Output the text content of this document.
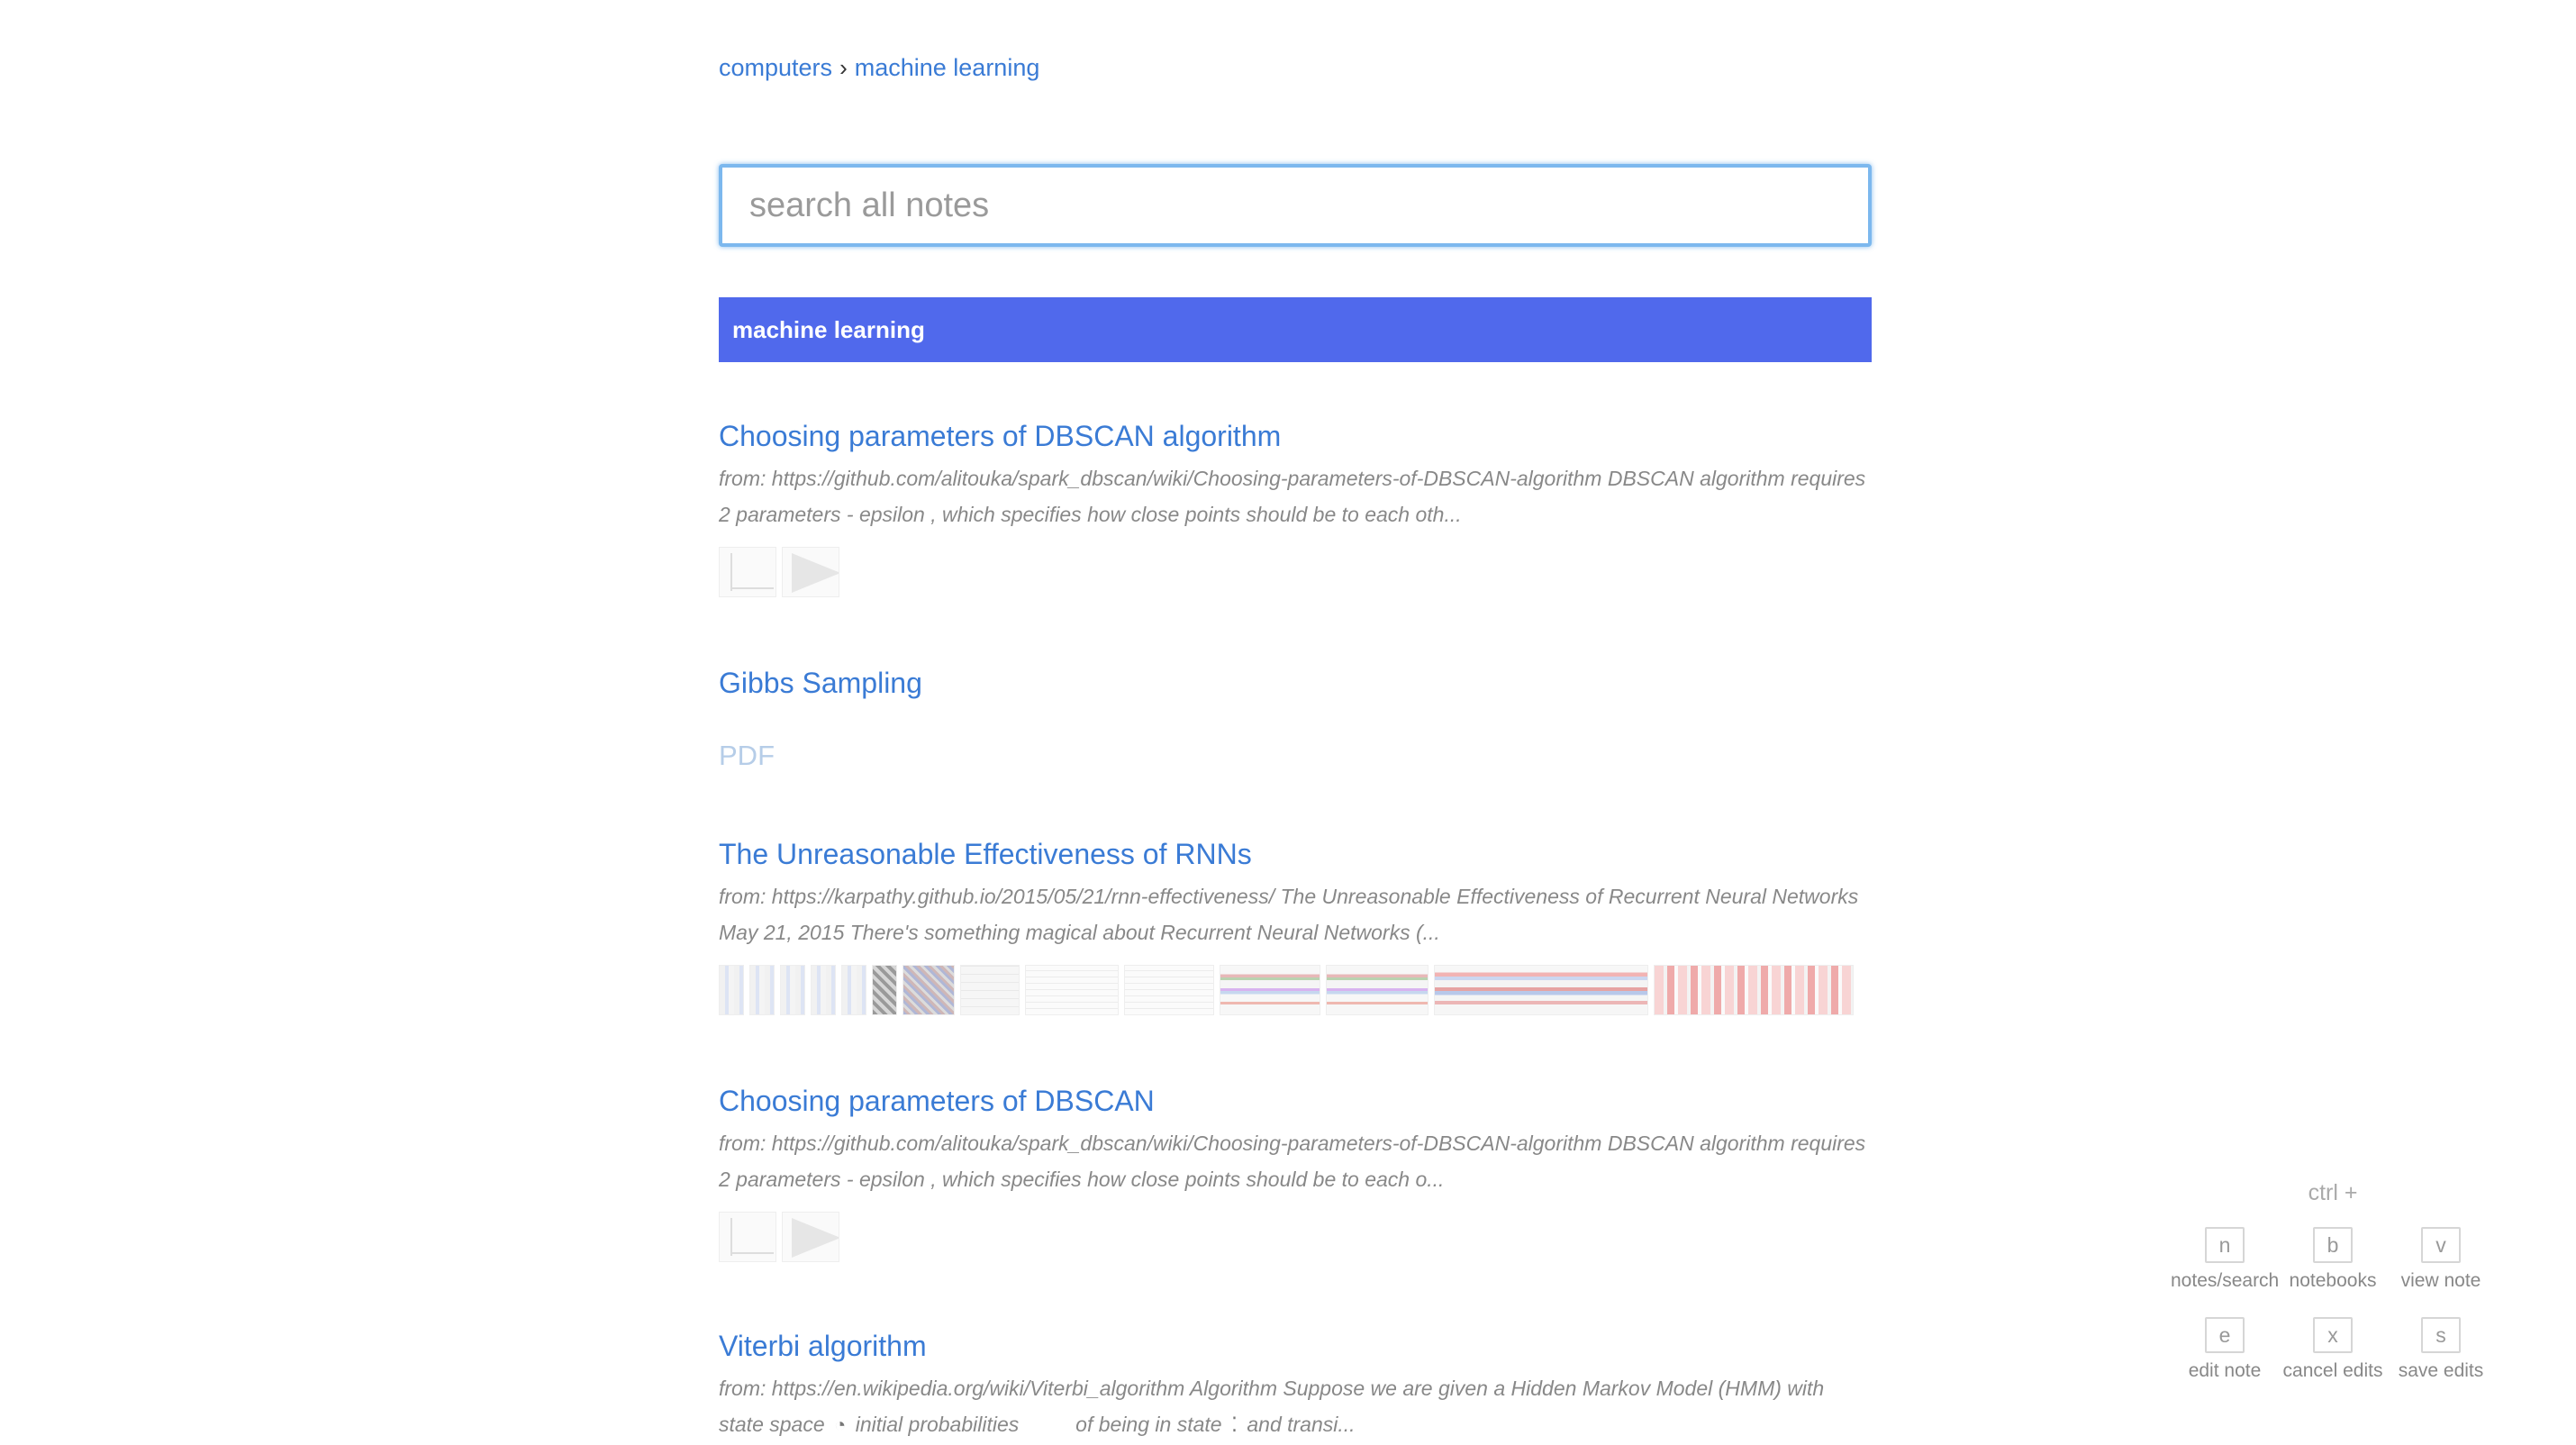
computers › machine learning
search all notes
machine learning
Choosing parameters of DBSCAN algorithm
from: https://github.com/alitouka/spark_dbscan/wiki/Choosing-parameters-of-DBSCAN-algorithm DBSCAN algorithm requires 2 parameters - epsilon , which specifies how close points should be to each oth...
Gibbs Sampling
PDF
The Unreasonable Effectiveness of RNNs
from: https://karpathy.github.io/2015/05/21/rnn-effectiveness/ The Unreasonable Effectiveness of Recurrent Neural Networks May 21, 2015 There's something magical about Recurrent Neural Networks (...
Choosing parameters of DBSCAN
from: https://github.com/alitouka/spark_dbscan/wiki/Choosing-parameters-of-DBSCAN-algorithm DBSCAN algorithm requires 2 parameters - epsilon , which specifies how close points should be to each o...
Viterbi algorithm
from: https://en.wikipedia.org/wiki/Viterbi_algorithm Algorithm Suppose we are given a Hidden Markov Model (HMM) with state space ◔ initial probabilities	of being in state ⁚ and transi...
ctrl +
n
notes/search
b
notebooks
v
view note
e
edit note
x
cancel edits
s
save edits
